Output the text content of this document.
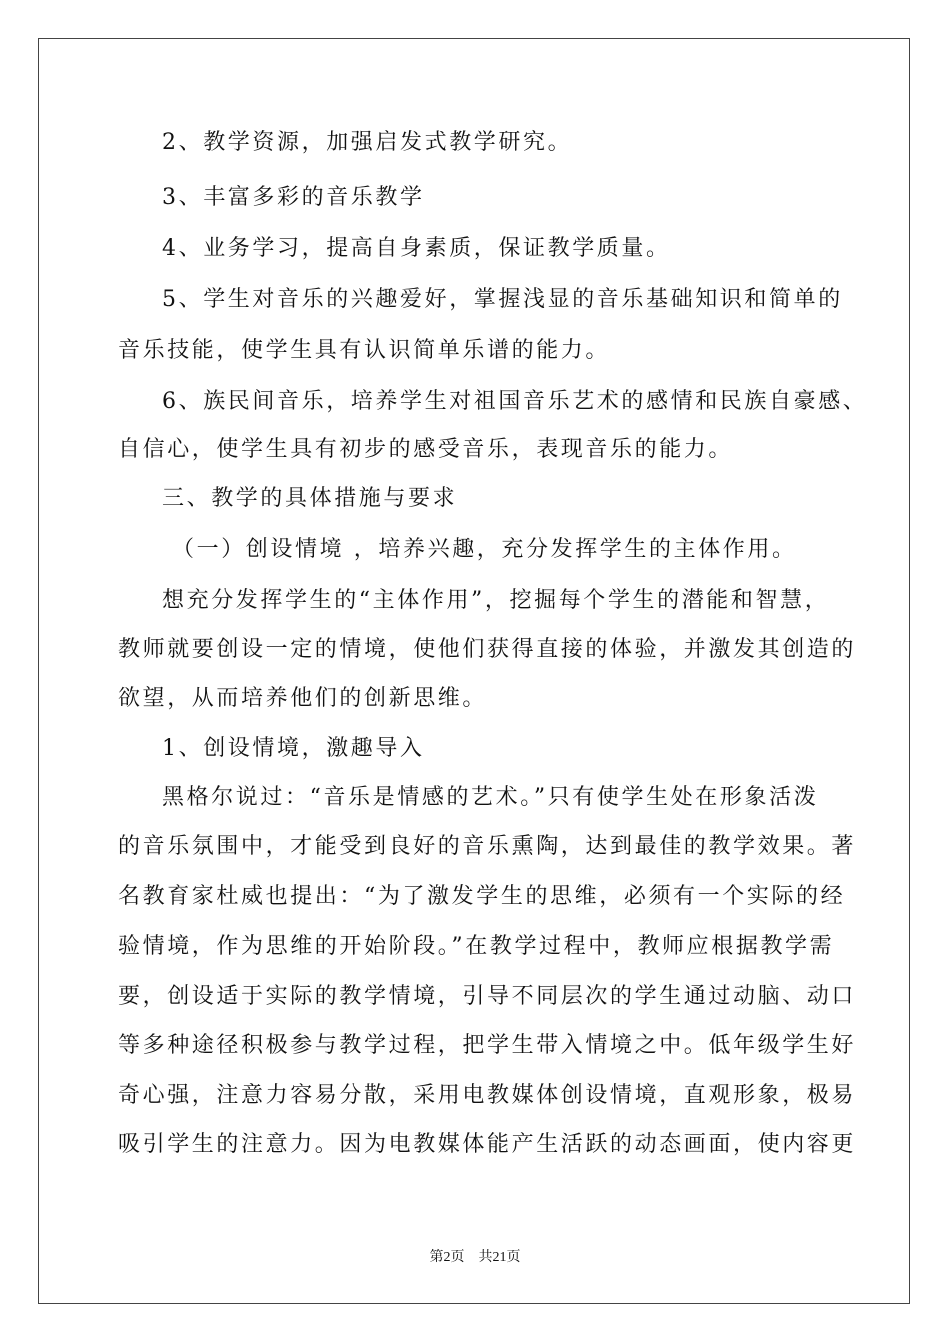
2、教学资源，加强启发式教学研究。
3、丰富多彩的音乐教学
4、业务学习，提高自身素质，保证教学质量。
5、学生对音乐的兴趣爱好，掌握浅显的音乐基础知识和简单的
音乐技能，使学生具有认识简单乐谱的能力。
6、族民间音乐，培养学生对祖国音乐艺术的感情和民族自豪感、
自信心，使学生具有初步的感受音乐，表现音乐的能力。
三、教学的具体措施与要求
（一）创设情境 ，培养兴趣，充分发挥学生的主体作用。
想充分发挥学生的“主体作用”，挖掘每个学生的潜能和智慧，
教师就要创设一定的情境，使他们获得直接的体验，并激发其创造的
欲望，从而培养他们的创新思维。
1、创设情境，激趣导入
黑格尔说过：“音乐是情感的艺术。”只有使学生处在形象活泼
的音乐氛围中，才能受到良好的音乐熏陶，达到最佳的教学效果。著
名教育家杜威也提出：“为了激发学生的思维，必须有一个实际的经
验情境，作为思维的开始阶段。”在教学过程中，教师应根据教学需
要，创设适于实际的教学情境，引导不同层次的学生通过动脑、动口
等多种途径积极参与教学过程，把学生带入情境之中。低年级学生好
奇心强，注意力容易分散，采用电教媒体创设情境，直观形象，极易
吸引学生的注意力。因为电教媒体能产生活跃的动态画面，使内容更
第2页 共21页
